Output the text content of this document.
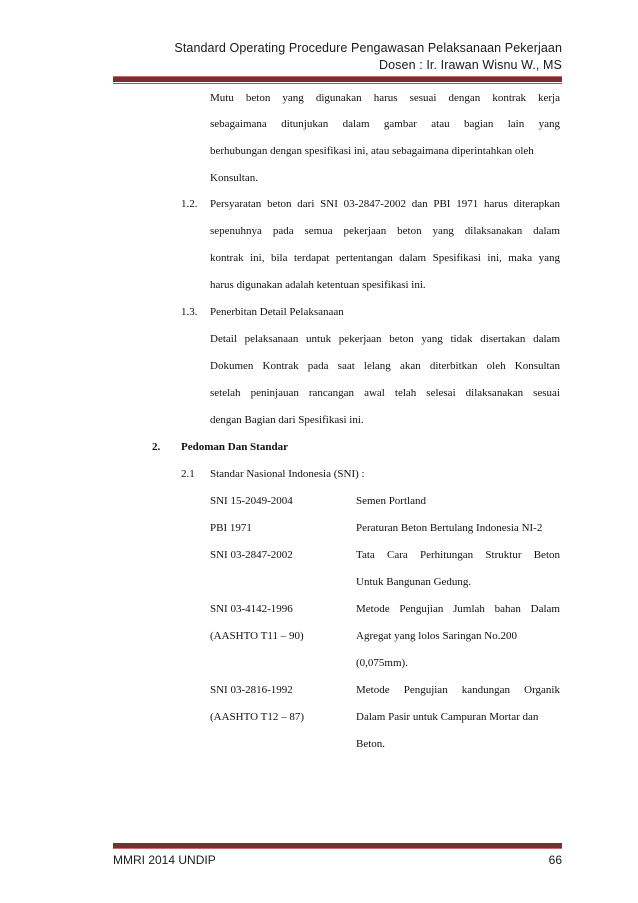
Standard Operating Procedure Pengawasan Pelaksanaan Pekerjaan
Dosen : Ir. Irawan Wisnu W., MS
Mutu beton yang digunakan harus sesuai dengan kontrak kerja
sebagaimana ditunjukan dalam gambar atau bagian lain yang
berhubungan dengan spesifikasi ini, atau sebagaimana diperintahkan oleh
Konsultan.
1.2. Persyaratan beton dari SNI 03-2847-2002 dan PBI 1971 harus diterapkan
sepenuhnya pada semua pekerjaan beton yang dilaksanakan dalam
kontrak ini, bila terdapat pertentangan dalam Spesifikasi ini, maka yang
harus digunakan adalah ketentuan spesifikasi ini.
1.3. Penerbitan Detail Pelaksanaan
Detail pelaksanaan untuk pekerjaan beton yang tidak disertakan dalam
Dokumen Kontrak pada saat lelang akan diterbitkan oleh Konsultan
setelah peninjauan rancangan awal telah selesai dilaksanakan sesuai
dengan Bagian dari Spesifikasi ini.
2. Pedoman Dan Standar
2.1 Standar Nasional Indonesia (SNI) :
SNI 15-2049-2004	Semen Portland
PBI 1971	Peraturan Beton Bertulang Indonesia NI-2
SNI 03-2847-2002	Tata Cara Perhitungan Struktur Beton
Untuk Bangunan Gedung.
SNI 03-4142-1996	Metode Pengujian Jumlah bahan Dalam
(AASHTO T11 – 90)	Agregat yang lolos Saringan No.200
(0,075mm).
SNI 03-2816-1992	Metode Pengujian kandungan Organik
(AASHTO T12 – 87)	Dalam Pasir untuk Campuran Mortar dan
Beton.
MMRI 2014 UNDIP	66
